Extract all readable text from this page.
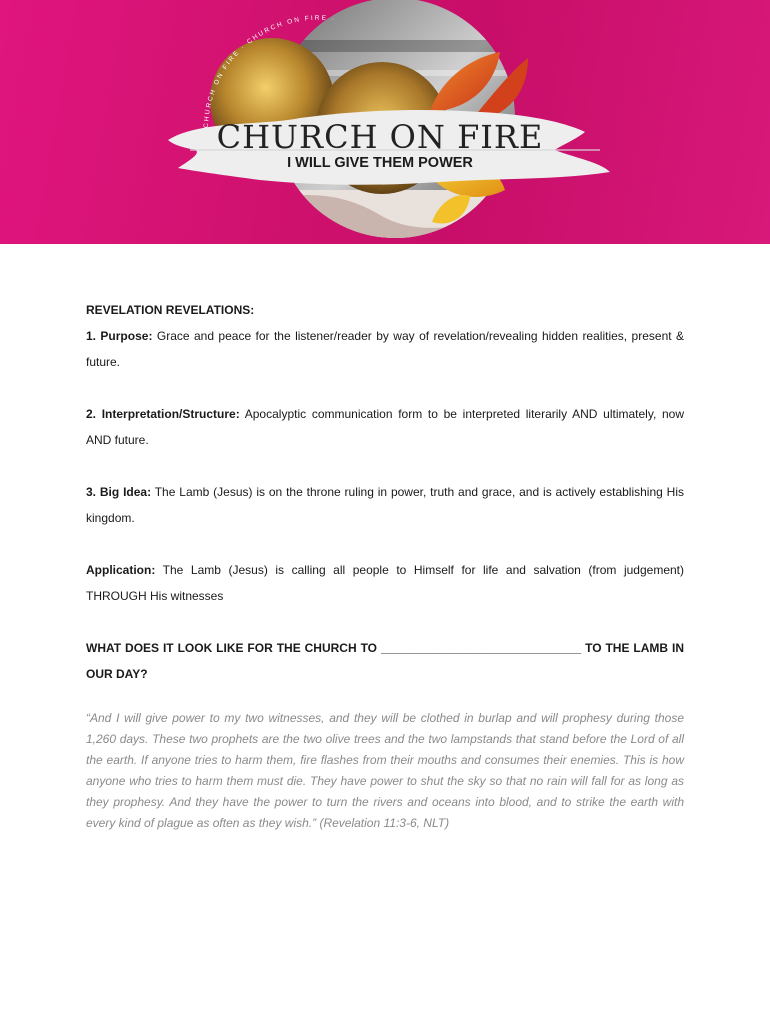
CHURCH ON FIRE · CHURCH ON FIRE ·
CHURCH ON FIRE
I WILL GIVE THEM POWER
REVELATION REVELATIONS:
1. Purpose: Grace and peace for the listener/reader by way of revelation/revealing hidden realities, present & future.
2. Interpretation/Structure: Apocalyptic communication form to be interpreted literarily AND ultimately, now AND future.
3. Big Idea: The Lamb (Jesus) is on the throne ruling in power, truth and grace, and is actively establishing His kingdom.
Application: The Lamb (Jesus) is calling all people to Himself for life and salvation (from judgement) THROUGH His witnesses
WHAT DOES IT LOOK LIKE FOR THE CHURCH TO ______________________________ TO THE LAMB IN OUR DAY?
“And I will give power to my two witnesses, and they will be clothed in burlap and will prophesy during those 1,260 days. These two prophets are the two olive trees and the two lampstands that stand before the Lord of all the earth. If anyone tries to harm them, fire flashes from their mouths and consumes their enemies. This is how anyone who tries to harm them must die. They have power to shut the sky so that no rain will fall for as long as they prophesy. And they have the power to turn the rivers and oceans into blood, and to strike the earth with every kind of plague as often as they wish.” (Revelation 11:3-6, NLT)
